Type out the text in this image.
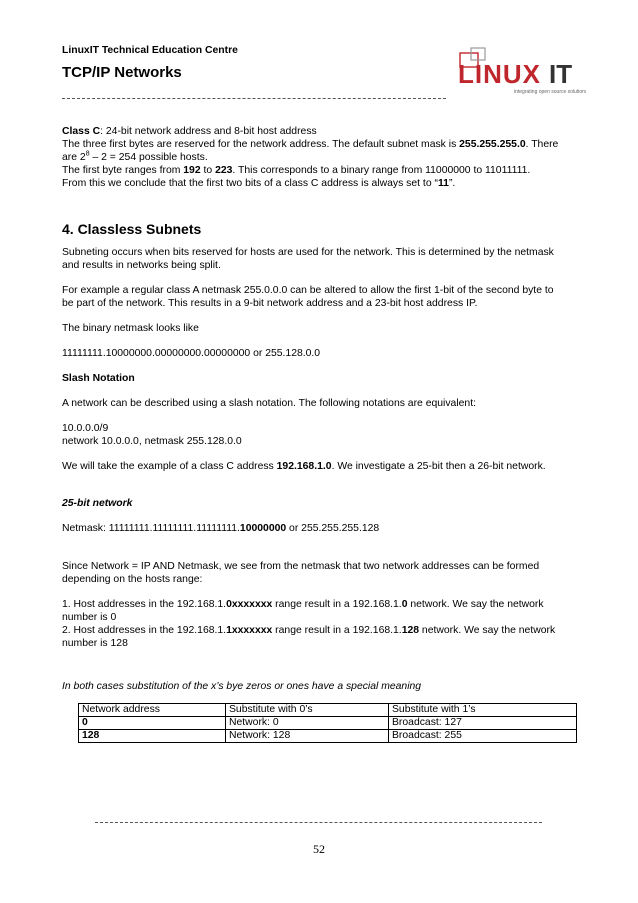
LinuxIT Technical Education Centre
TCP/IP Networks	LINUX IT
integrating open source solutions

Class C: 24-bit network address and 8-bit host address

The three first bytes are reserved for the network address. The default subnet mask is 255.255.255.0. There

are $2^8 - 2 = 254$ possible hosts.

The first byte ranges from 192 to 223. This corresponds to a binary range from 11000000 to 11011111.

From this we conclude that the first two bits of a class C address is always set to “11”.

4. Classless Subnets

Subneting occurs when bits reserved for hosts are used for the network. This is determined by the netmask

and results in networks being split.

For example a regular class A netmask 255.0.0.0 can be altered to allow the first 1-bit of the second byte to

be part of the network. This results in a 9-bit network address and a 23-bit host address IP.

The binary netmask looks like

11111111.10000000.00000000.00000000 or 255.128.0.0

Slash Notation

A network can be described using a slash notation. The following notations are equivalent:

10.0.0.0/9

network 10.0.0.0, netmask 255.128.0.0

We will take the example of a class C address 192.168.1.0. We investigate a 25-bit then a 26-bit network.

25-bit network

Netmask: 11111111.11111111.11111111.10000000 or 255.255.255.128

Since Network = IP AND Netmask, we see from the netmask that two network addresses can be formed

depending on the hosts range:

1. Host addresses in the 192.168.1.0xxxxxxx range result in a 192.168.1.0 network. We say the network

number is 0

2. Host addresses in the 192.168.1.1xxxxxxx range result in a 192.168.1.128 network. We say the network

number is 128

In both cases substitution of the x’s bye zeros or ones have a special meaning

Network address	Substitute with 0’s	Substitute with 1’s
0	Network: 0	Broadcast: 127
128	Network: 128	Broadcast: 255
52
